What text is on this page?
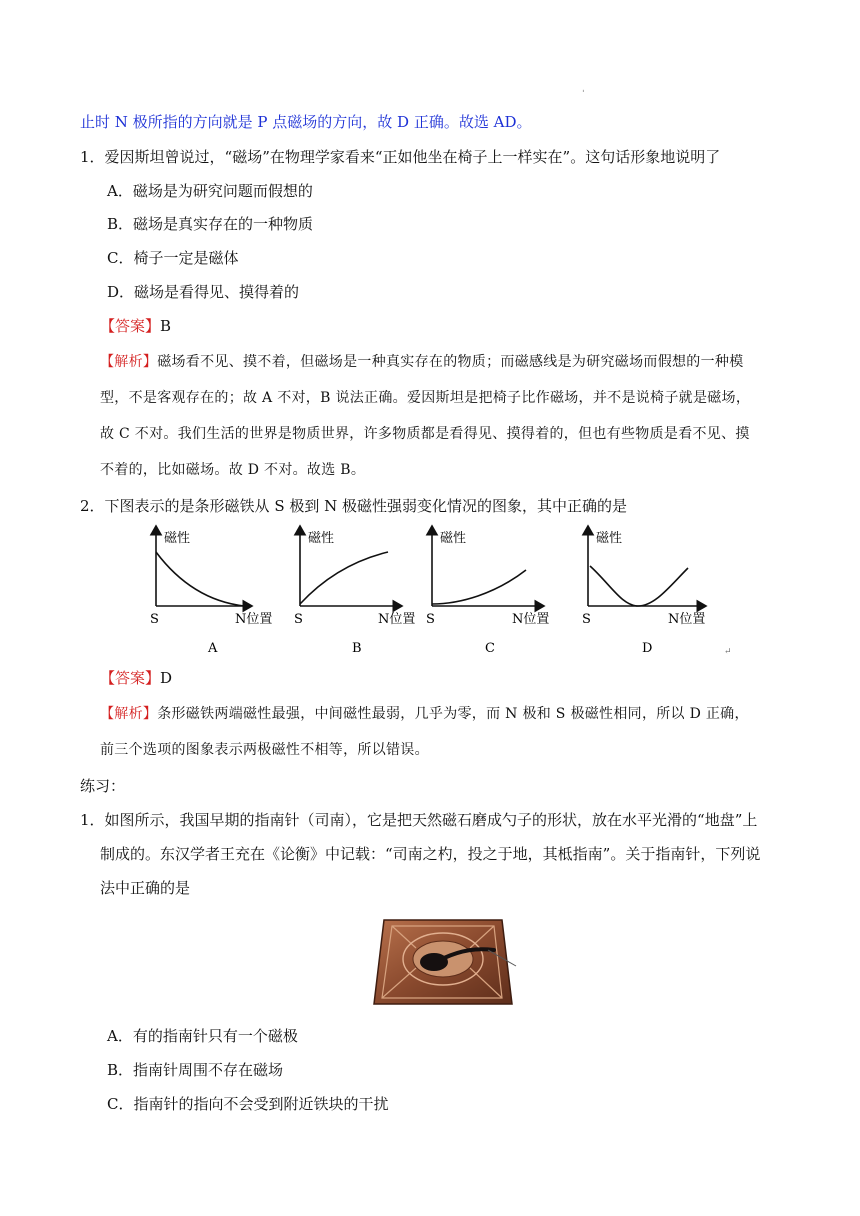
ˈ
止时 N 极所指的方向就是 P 点磁场的方向，故 D 正确。故选 AD。
1．爱因斯坦曾说过，“磁场”在物理学家看来“正如他坐在椅子上一样实在”。这句话形象地说明了
A．磁场是为研究问题而假想的
B．磁场是真实存在的一种物质
C．椅子一定是磁体
D．磁场是看得见、摸得着的
【答案】B
【解析】磁场看不见、摸不着，但磁场是一种真实存在的物质；而磁感线是为研究磁场而假想的一种模
型，不是客观存在的；故 A 不对，B 说法正确。爱因斯坦是把椅子比作磁场，并不是说椅子就是磁场，
故 C 不对。我们生活的世界是物质世界，许多物质都是看得见、摸得着的，但也有些物质是看不见、摸
不着的，比如磁场。故 D 不对。故选 B。
2．下图表示的是条形磁铁从 S 极到 N 极磁性强弱变化情况的图象，其中正确的是
磁性
S	N位置
A
磁性
S	N位置
B
磁性
S	N位置
C
磁性
S	N位置
D	↵
【答案】D
【解析】条形磁铁两端磁性最强，中间磁性最弱，几乎为零，而 N 极和 S 极磁性相同，所以 D 正确，
前三个选项的图象表示两极磁性不相等，所以错误。
练习：
1．如图所示，我国早期的指南针（司南），它是把天然磁石磨成勺子的形状，放在水平光滑的“地盘”上
制成的。东汉学者王充在《论衡》中记载：“司南之杓，投之于地，其柢指南”。关于指南针，下列说
法中正确的是
A．有的指南针只有一个磁极
B．指南针周围不存在磁场
C．指南针的指向不会受到附近铁块的干扰
